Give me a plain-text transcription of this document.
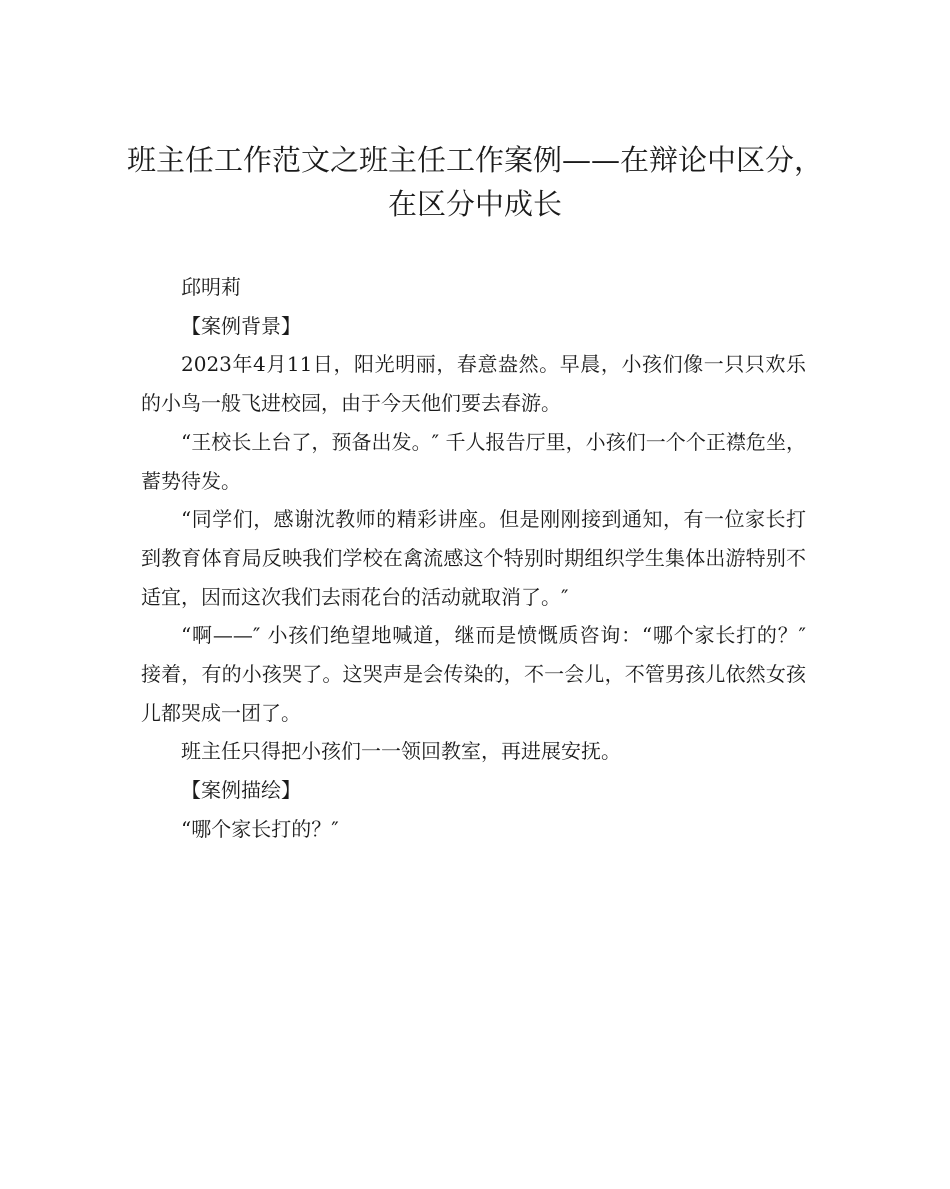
班主任工作范文之班主任工作案例——在辩论中区分，
在区分中成长

邱明莉

【案例背景】

2023年4月11日，阳光明丽，春意盎然。早晨，小孩们像一只只欢乐的小鸟一般飞进校园，由于今天他们要去春游。

“王校长上台了，预备出发。″ 千人报告厅里，小孩们一个个正襟危坐，蓄势待发。

“同学们，感谢沈教师的精彩讲座。但是刚刚接到通知，有一位家长打到教育体育局反映我们学校在禽流感这个特别时期组织学生集体出游特别不适宜，因而这次我们去雨花台的活动就取消了。″

“啊——″ 小孩们绝望地喊道，继而是愤慨质咨询：“哪个家长打的？″ 接着，有的小孩哭了。这哭声是会传染的，不一会儿，不管男孩儿依然女孩儿都哭成一团了。

班主任只得把小孩们一一领回教室，再进展安抚。

【案例描绘】

“哪个家长打的？″
